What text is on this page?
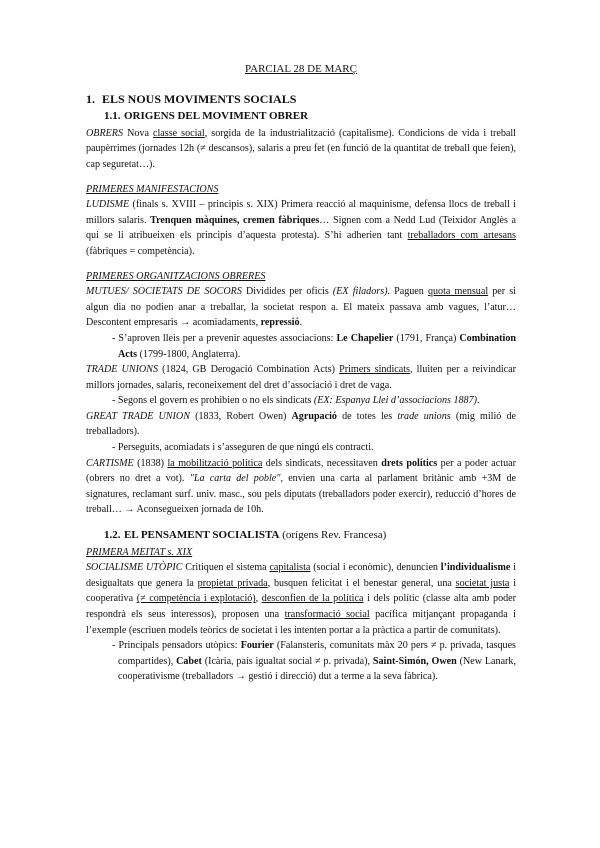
PARCIAL 28 DE MARÇ
1. ELS NOUS MOVIMENTS SOCIALS
1.1. ORIGENS DEL MOVIMENT OBRER
OBRERS Nova classe social, sorgida de la industrialització (capitalisme). Condicions de vida i treball paupèrrimes (jornades 12h (≠ descansos), salaris a preu fet (en funció de la quantitat de treball que feien), cap seguretat…).
PRIMERES MANIFESTACIONS
LUDISME (finals s. XVIII – principis s. XIX) Primera reacció al maquinisme, defensa llocs de treball i millors salaris. Trenquen màquines, cremen fàbriques… Signen com a Nedd Lud (Teixidor Anglès a qui se li atribueixen els principis d’aquesta protesta). S’hi adherien tant treballadors com artesans (fàbriques = competència).
PRIMERES ORGANITZACIONS OBRERES
MUTUES/ SOCIETATS DE SOCORS Dividides per oficis (EX filadors). Paguen quota mensual per si algun dia no podien anar a treballar, la societat respon a. El mateix passava amb vagues, l’atur… Descontent empresaris → acomiadaments, repressió.
- S’aproven lleis per a prevenir aquestes associacions: Le Chapelier (1791, França) Combination Acts (1799-1800, Anglaterra).
TRADE UNIONS (1824, GB Derogació Combination Acts) Primers sindicats, lluiten per a reivindicar millors jornades, salaris, reconeixement del dret d’associació i dret de vaga.
- Segons el govern es prohibien o no els sindicats (EX: Espanya Llei d’associacions 1887).
GREAT TRADE UNION (1833, Robert Owen) Agrupació de totes les trade unions (mig milió de treballadors).
- Perseguits, acomiadats i s’asseguren de que ningú els contracti.
CARTISME (1838) la mobilització política dels sindicats, necessitaven drets polítics per a poder actuar (obrers no dret a vot). "La carta del poble", envien una carta al parlament britànic amb +3M de signatures, reclamant surf. univ. masc., sou pels diputats (treballadors poder exercir), reducció d’hores de treball… → Aconsegueixen jornada de 10h.
1.2. EL PENSAMENT SOCIALISTA (orígens Rev. Francesa)
PRIMERA MEITAT s. XIX
SOCIALISME UTÒPIC Critiquen el sistema capitalista (social i econòmic), denuncien l’individualisme i desigualtats que genera la propietat privada, busquen felicitat i el benestar general, una societat justa i cooperativa (≠ competència i explotació), desconfien de la política i dels polític (classe alta amb poder respondrà els seus interessos), proposen una transformació social pacífica mitjançant propaganda i l’exemple (escriuen models teòrics de societat i les intenten portar a la pràctica a partir de comunitats).
- Principals pensadors utòpics: Fourier (Falansteris, comunitats màx 20 pers ≠ p. privada, tasques compartides), Cabet (Icària, país igualtat social ≠ p. privada), Saint-Simón, Owen (New Lanark, cooperativisme (treballadors → gestió i direcció) dut a terme a la seva fàbrica).
